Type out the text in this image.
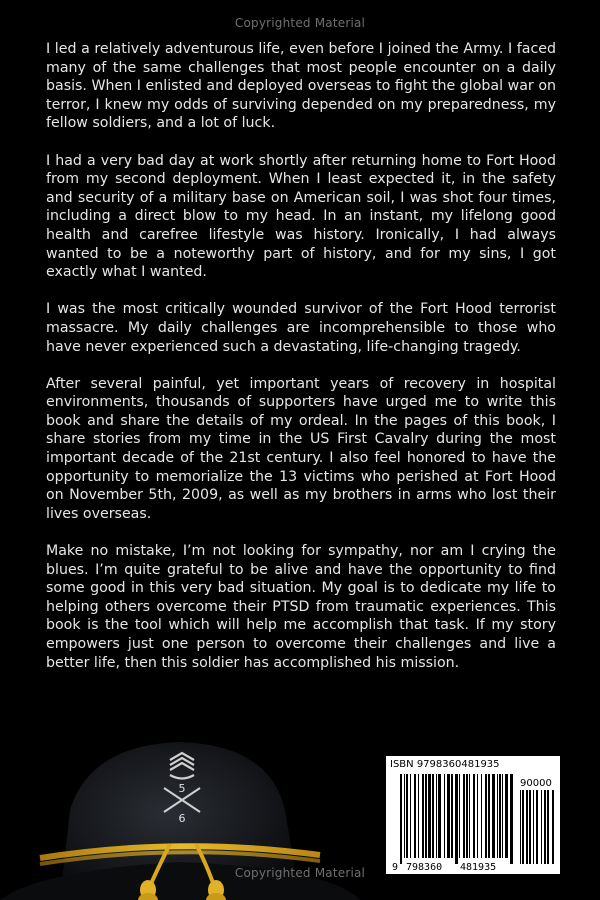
Copyrighted Material

I led a relatively adventurous life, even before I joined the Army. I faced many of the same challenges that most people encounter on a daily basis. When I enlisted and deployed overseas to fight the global war on terror, I knew my odds of surviving depended on my preparedness, my fellow soldiers, and a lot of luck.

I had a very bad day at work shortly after returning home to Fort Hood from my second deployment. When I least expected it, in the safety and security of a military base on American soil, I was shot four times, including a direct blow to my head. In an instant, my lifelong good health and carefree lifestyle was history. Ironically, I had always wanted to be a noteworthy part of history, and for my sins, I got exactly what I wanted.

I was the most critically wounded survivor of the Fort Hood terrorist massacre. My daily challenges are incomprehensible to those who have never experienced such a devastating, life-changing tragedy.

After several painful, yet important years of recovery in hospital environments, thousands of supporters have urged me to write this book and share the details of my ordeal. In the pages of this book, I share stories from my time in the US First Cavalry during the most important decade of the 21st century. I also feel honored to have the opportunity to memorialize the 13 victims who perished at Fort Hood on November 5th, 2009, as well as my brothers in arms who lost their lives overseas.

Make no mistake, I’m not looking for sympathy, nor am I crying the blues. I’m quite grateful to be alive and have the opportunity to find some good in this very bad situation. My goal is to dedicate my life to helping others overcome their PTSD from traumatic experiences. This book is the tool which will help me accomplish that task. If my story empowers just one person to overcome their challenges and live a better life, then this soldier has accomplished his mission.

5
6
ISBN 9798360481935
90000
9 798360 481935
Copyrighted Material
